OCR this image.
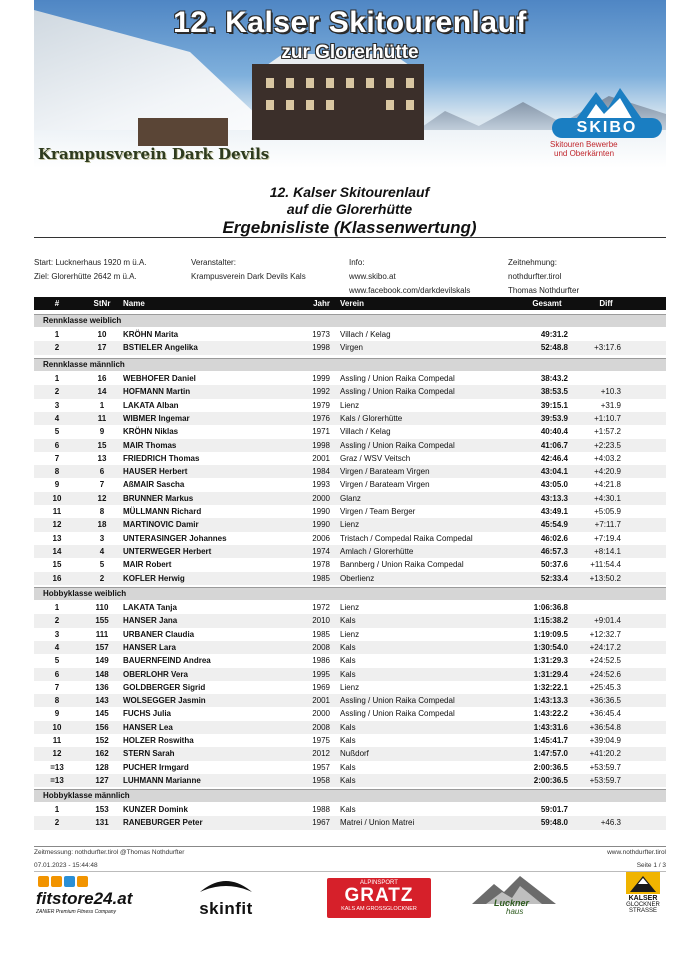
12. Kalser Skitourenlauf
zur Glorerhütte
Krampusverein Dark Devils
SKIBO
Skitouren Bewerbe
und Oberkärnten
12. Kalser Skitourenlauf
auf die Glorerhütte
Ergebnisliste (Klassenwertung)
Start: Lucknerhaus 1920 m ü.A.
Ziel: Glorerhütte 2642 m ü.A.
Veranstalter:
Krampusverein Dark Devils Kals
Info:
www.skibo.at
www.facebook.com/darkdevilskals
Zeitnehmung:
nothdurfter.tirol
Thomas Nothdurfter
#	StNr	Name	Jahr Verein	Gesamt	Diff
Rennklasse weiblich
1	10	KRÖHN Marita	1973 Villach / Kelag	49:31.2
2	17	BSTIELER Angelika	1998 Virgen	52:48.8	+3:17.6
Rennklasse männlich
1	16	WEBHOFER Daniel	1999 Assling / Union Raika Compedal	38:43.2
2	14	HOFMANN Martin	1992 Assling / Union Raika Compedal	38:53.5	+10.3
3	1	LAKATA Alban	1979 Lienz	39:15.1	+31.9
4	11	WIBMER Ingemar	1976 Kals / Glorerhütte	39:53.9	+1:10.7
5	9	KRÖHN Niklas	1971 Villach / Kelag	40:40.4	+1:57.2
6	15	MAIR Thomas	1998 Assling / Union Raika Compedal	41:06.7	+2:23.5
7	13	FRIEDRICH Thomas	2001 Graz / WSV Veitsch	42:46.4	+4:03.2
8	6	HAUSER Herbert	1984 Virgen / Barateam Virgen	43:04.1	+4:20.9
9	7	AßMAIR Sascha	1993 Virgen / Barateam Virgen	43:05.0	+4:21.8
10	12	BRUNNER Markus	2000 Glanz	43:13.3	+4:30.1
11	8	MÜLLMANN Richard	1990 Virgen / Team Berger	43:49.1	+5:05.9
12	18	MARTINOVIC Damir	1990 Lienz	45:54.9	+7:11.7
13	3	UNTERASINGER Johannes	2006 Tristach / Compedal Raika Compedal	46:02.6	+7:19.4
14	4	UNTERWEGER Herbert	1974 Amlach / Glorerhütte	46:57.3	+8:14.1
15	5	MAIR Robert	1978 Bannberg / Union Raika Compedal	50:37.6	+11:54.4
16	2	KOFLER Herwig	1985 Oberlienz	52:33.4	+13:50.2
Hobbyklasse weiblich
1	110	LAKATA Tanja	1972 Lienz	1:06:36.8
2	155	HANSER Jana	2010 Kals	1:15:38.2	+9:01.4
3	111	URBANER Claudia	1985 Lienz	1:19:09.5	+12:32.7
4	157	HANSER Lara	2008 Kals	1:30:54.0	+24:17.2
5	149	BAUERNFEIND Andrea	1986 Kals	1:31:29.3	+24:52.5
6	148	OBERLOHR Vera	1995 Kals	1:31:29.4	+24:52.6
7	136	GOLDBERGER Sigrid	1969 Lienz	1:32:22.1	+25:45.3
8	143	WOLSEGGER Jasmin	2001 Assling / Union Raika Compedal	1:43:13.3	+36:36.5
9	145	FUCHS Julia	2000 Assling / Union Raika Compedal	1:43:22.2	+36:45.4
10	156	HANSER Lea	2008 Kals	1:43:31.6	+36:54.8
11	152	HOLZER Roswitha	1975 Kals	1:45:41.7	+39:04.9
12	162	STERN Sarah	2012 Nußdorf	1:47:57.0	+41:20.2
=13	128	PUCHER Irmgard	1957 Kals	2:00:36.5	+53:59.7
=13	127	LUHMANN Marianne	1958 Kals	2:00:36.5	+53:59.7
Hobbyklasse männlich
1	153	KUNZER Domink	1988 Kals	59:01.7
2	131	RANEBURGER Peter	1967 Matrei / Union Matrei	59:48.0	+46.3
Zeitmessung: nothdurfter.tirol @Thomas Nothdurfter
07.01.2023 - 15:44:48
www.nothdurfter.tirol
Seite 1 / 3
fitstore24.at
ZANIER Premium Fitness Company	skinfit
ALPINSPORT
GRATZ
KALS AM GROSSGLOCKNER
Luckner
haus
KALSER
GLOCKNER
STRASSE
